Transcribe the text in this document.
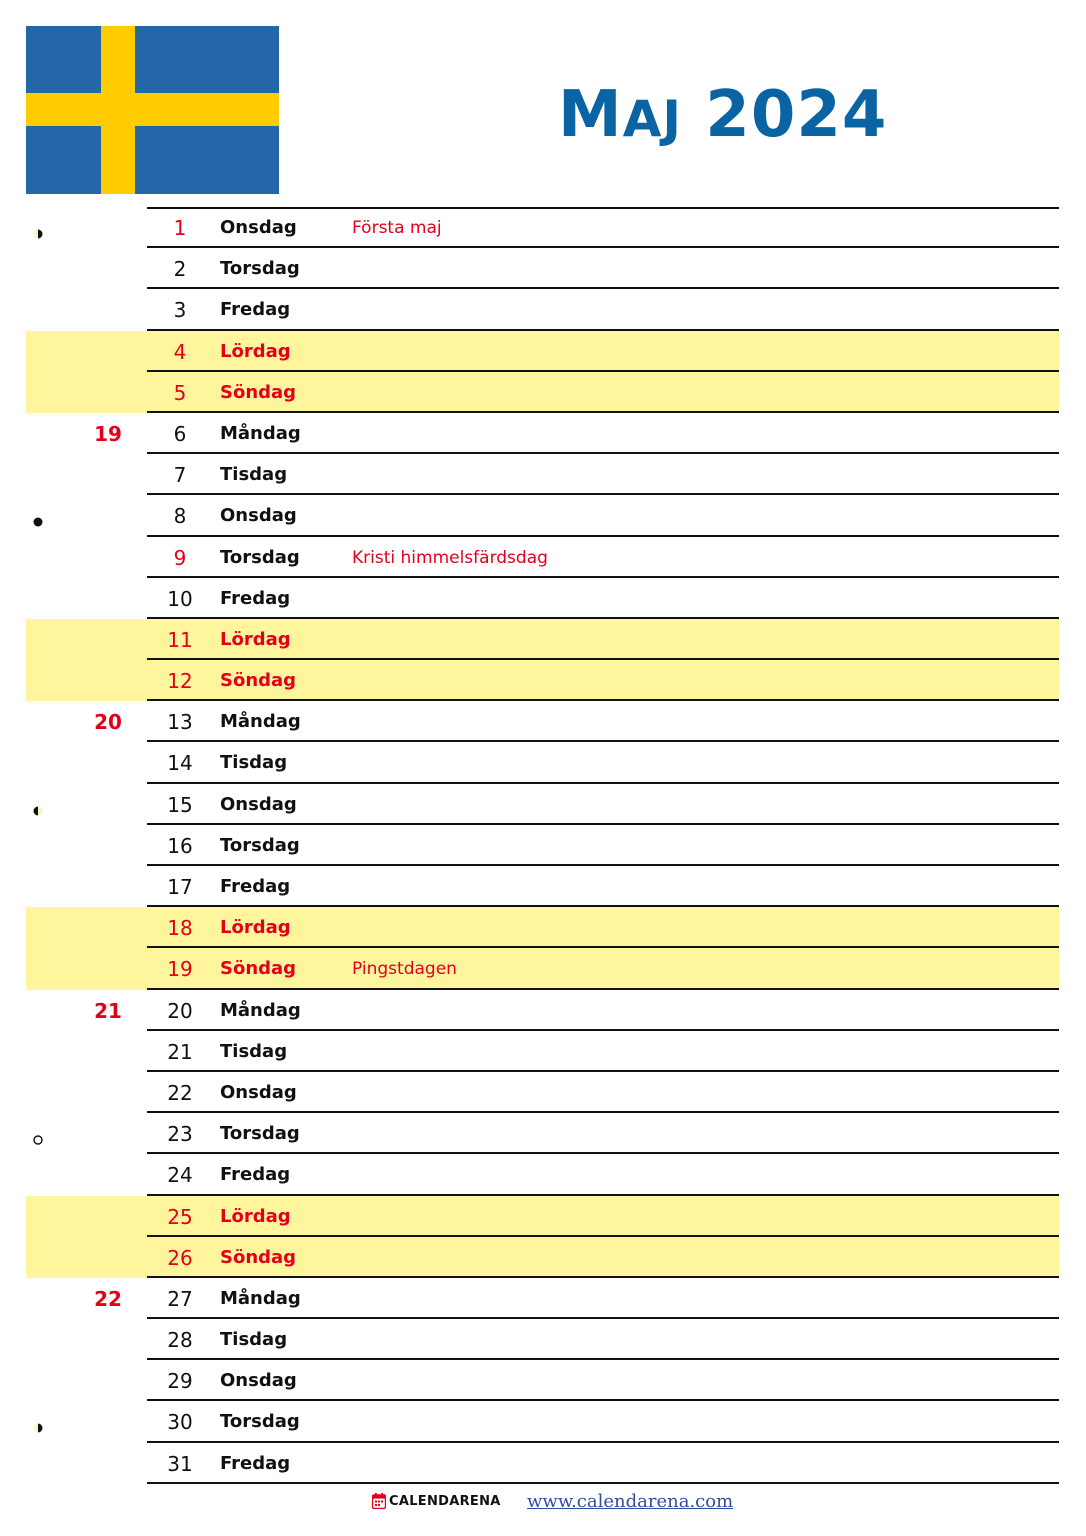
MAJ 2024
1	Onsdag	Första maj
2	Torsdag
3	Fredag
4	Lördag
5	Söndag
19	6	Måndag
7	Tisdag
8	Onsdag
9	Torsdag	Kristi himmelsfärdsdag
10	Fredag
11	Lördag
12	Söndag
20	13	Måndag
14	Tisdag
15	Onsdag
16	Torsdag
17	Fredag
18	Lördag
19	Söndag	Pingstdagen
21	20	Måndag
21	Tisdag
22	Onsdag
23	Torsdag
24	Fredag
25	Lördag
26	Söndag
22	27	Måndag
28	Tisdag
29	Onsdag
30	Torsdag
31	Fredag
CALENDARENA www.calendarena.com
